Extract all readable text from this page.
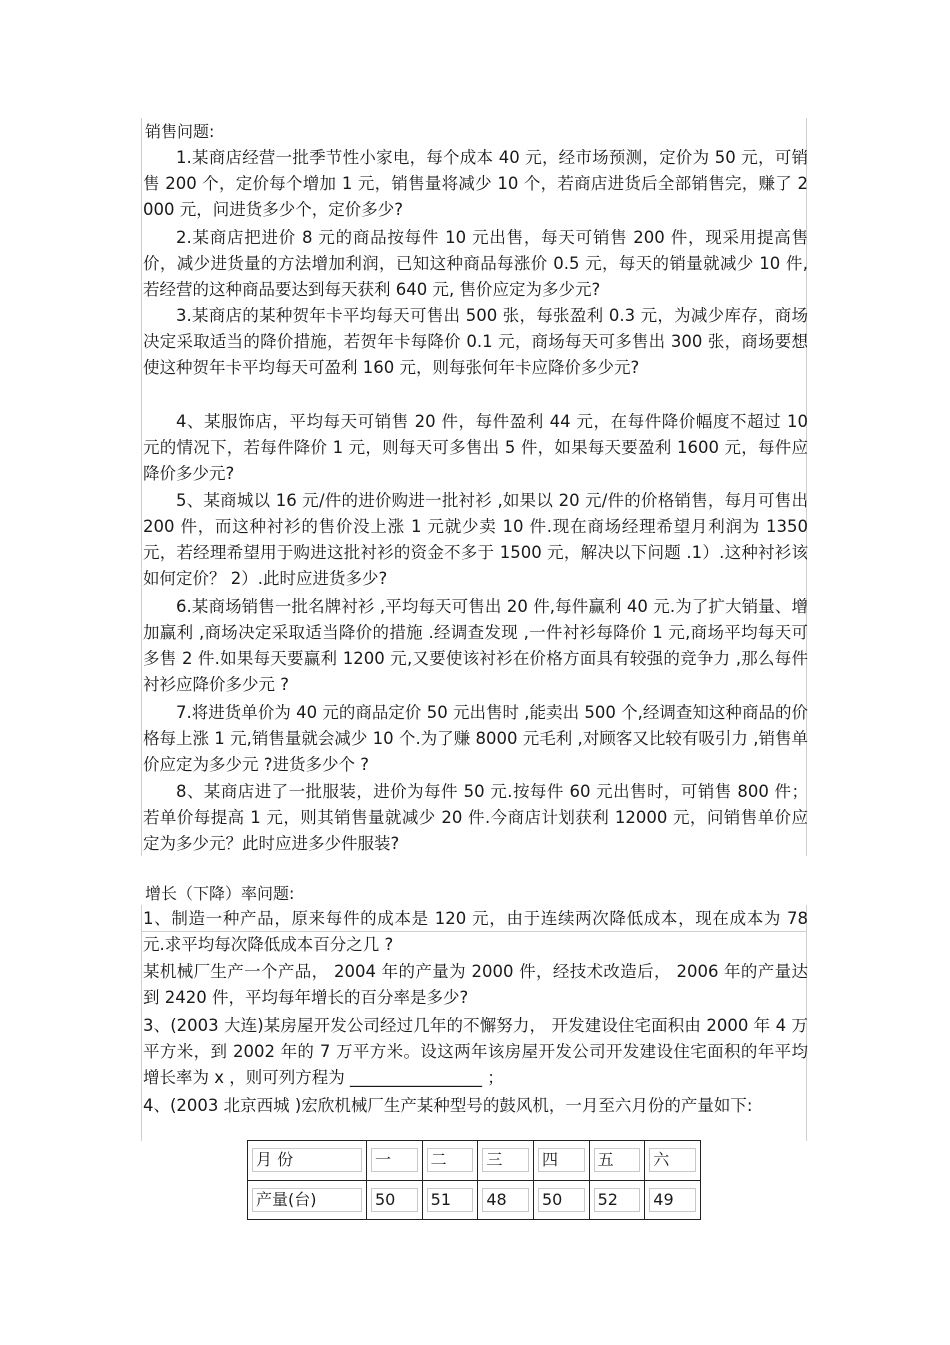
销售问题:

1.某商店经营一批季节性小家电，每个成本 40 元，经市场预测，定价为 50 元，可销售 200 个，定价每个增加 1 元，销售量将减少 10 个，若商店进货后全部销售完，赚了 2000 元，问进货多少个，定价多少?

2.某商店把进价 8 元的商品按每件 10 元出售，每天可销售 200 件，现采用提高售价，减少进货量的方法增加利润，已知这种商品每涨价 0.5 元，每天的销量就减少 10 件, 若经营的这种商品要达到每天获利 640 元, 售价应定为多少元?

3.某商店的某种贺年卡平均每天可售出 500 张，每张盈利 0.3 元，为减少库存，商场决定采取适当的降价措施，若贺年卡每降价 0.1 元，商场每天可多售出 300 张，商场要想使这种贺年卡平均每天可盈利 160 元，则每张何年卡应降价多少元?

4、某服饰店，平均每天可销售 20 件，每件盈利 44 元，在每件降价幅度不超过 10 元的情况下，若每件降价 1 元，则每天可多售出 5 件，如果每天要盈利 1600 元，每件应降价多少元?

5、某商城以 16 元/件的进价购进一批衬衫 ,如果以 20 元/件的价格销售，每月可售出 200 件，而这种衬衫的售价没上涨 1 元就少卖 10 件.现在商场经理希望月利润为 1350 元，若经理希望用于购进这批衬衫的资金不多于 1500 元，解决以下问题 .1）.这种衬衫该如何定价？ 2）.此时应进货多少?

6.某商场销售一批名牌衬衫 ,平均每天可售出 20 件,每件赢利 40 元.为了扩大销量、增加赢利 ,商场决定采取适当降价的措施 .经调查发现 ,一件衬衫每降价 1 元,商场平均每天可多售 2 件.如果每天要赢利 1200 元,又要使该衬衫在价格方面具有较强的竞争力 ,那么每件衬衫应降价多少元 ?

7.将进货单价为 40 元的商品定价 50 元出售时 ,能卖出 500 个,经调查知这种商品的价格每上涨 1 元,销售量就会减少 10 个.为了赚 8000 元毛利 ,对顾客又比较有吸引力 ,销售单价应定为多少元 ?进货多少个 ?

8、某商店进了一批服装，进价为每件 50 元.按每件 60 元出售时，可销售 800 件；若单价每提高 1 元，则其销售量就减少 20 件.今商店计划获利 12000 元，问销售单价应定为多少元？此时应进多少件服装?

增长（下降）率问题:

1、制造一种产品，原来每件的成本是 120 元，由于连续两次降低成本，现在成本为 78 元.求平均每次降低成本百分之几 ?

某机械厂生产一个产品， 2004 年的产量为 2000 件，经技术改造后， 2006 年的产量达到 2420 件，平均每年增长的百分率是多少?

3、(2003 大连)某房屋开发公司经过几年的不懈努力， 开发建设住宅面积由 2000 年 4 万平方米，到 2002 年的 7 万平方米。设这两年该房屋开发公司开发建设住宅面积的年平均增长率为 x ，则可列方程为 ________________ ；

4、(2003 北京西城 )宏欣机械厂生产某种型号的鼓风机，一月至六月份的产量如下:

月 份	一	二	三	四	五	六

产量(台)	50	51	48	50	52	49
